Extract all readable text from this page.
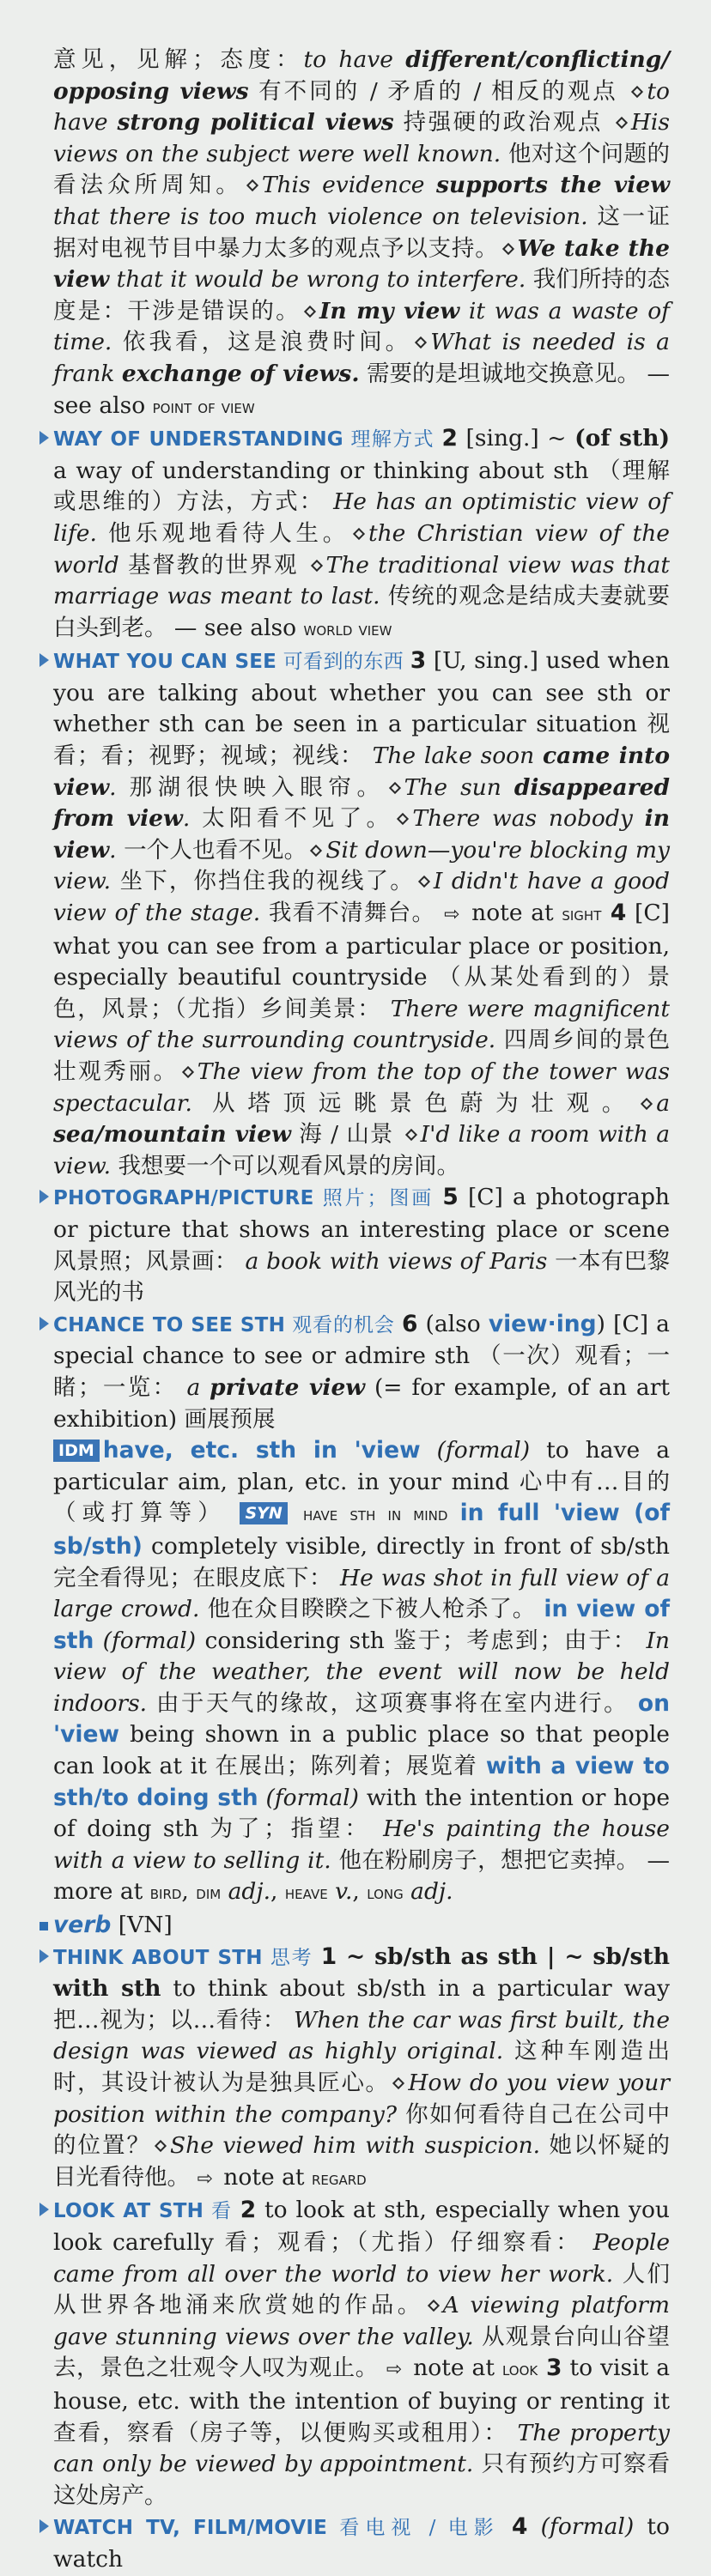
意见，见解；态度：to have different/conflicting/ opposing views 有不同的 / 矛盾的 / 相反的观点 to have strong political views 持强硬的政治观点 His views on the subject were well known. 他对这个问题的看法众所周知。 This evidence supports the view that there is too much violence on television. 这一证据对电视节目中暴力太多的观点予以支持。 We take the view that it would be wrong to interfere. 我们所持的态度是：干涉是错误的。 In my view it was a waste of time. 依我看，这是浪费时间。 What is needed is a frank exchange of views. 需要的是坦诚地交换意见。 — see also point of view

WAY OF UNDERSTANDING 理解方式 2 [sing.] ~ (of sth) a way of understanding or thinking about sth （理解或思维的）方法，方式： He has an optimistic view of life. 他乐观地看待人生。 the Christian view of the world 基督教的世界观 The traditional view was that marriage was meant to last. 传统的观念是结成夫妻就要白头到老。 — see also world view

WHAT YOU CAN SEE 可看到的东西 3 [U, sing.] used when you are talking about whether you can see sth or whether sth can be seen in a particular situation 视看；看；视野；视域；视线： The lake soon came into view. 那湖很快映入眼帘。 The sun disappeared from view. 太阳看不见了。 There was nobody in view. 一个人也看不见。 Sit down—you're blocking my view. 坐下，你挡住我的视线了。 I didn't have a good view of the stage. 我看不清舞台。 ⇨ note at sight 4 [C] what you can see from a particular place or position, especially beautiful countryside （从某处看到的）景色，风景；（尤指）乡间美景： There were magnificent views of the surrounding countryside. 四周乡间的景色壮观秀丽。 The view from the top of the tower was spectacular. 从塔顶远眺景色蔚为壮观。 a sea/mountain view 海 / 山景 I'd like a room with a view. 我想要一个可以观看风景的房间。

PHOTOGRAPH/PICTURE 照片；图画 5 [C] a photograph or picture that shows an interesting place or scene 风景照；风景画： a book with views of Paris 一本有巴黎风光的书

CHANCE TO SEE STH 观看的机会 6 (also view·ing) [C] a special chance to see or admire sth （一次）观看；一睹；一览： a private view (= for example, of an art exhibition) 画展预展

IDM have, etc. sth in 'view (formal) to have a particular aim, plan, etc. in your mind 心中有…目的（或打算等） SYN have sth in mind in full 'view (of sb/sth) completely visible, directly in front of sb/sth 完全看得见；在眼皮底下： He was shot in full view of a large crowd. 他在众目睽睽之下被人枪杀了。 in view of sth (formal) considering sth 鉴于；考虑到；由于： In view of the weather, the event will now be held indoors. 由于天气的缘故，这项赛事将在室内进行。 on 'view being shown in a public place so that people can look at it 在展出；陈列着；展览着 with a view to sth/to doing sth (formal) with the intention or hope of doing sth 为了；指望： He's painting the house with a view to selling it. 他在粉刷房子，想把它卖掉。 — more at bird, dim adj., heave v., long adj.

verb [VN]

THINK ABOUT STH 思考 1 ~ sb/sth as sth | ~ sb/sth with sth to think about sb/sth in a particular way 把…视为；以…看待： When the car was first built, the design was viewed as highly original. 这种车刚造出时，其设计被认为是独具匠心。 How do you view your position within the company? 你如何看待自己在公司中的位置？ She viewed him with suspicion. 她以怀疑的目光看待他。 ⇨ note at regard

LOOK AT STH 看 2 to look at sth, especially when you look carefully 看；观看；（尤指）仔细察看： People came from all over the world to view her work. 人们从世界各地涌来欣赏她的作品。 A viewing platform gave stunning views over the valley. 从观景台向山谷望去，景色之壮观令人叹为观止。 ⇨ note at look 3 to visit a house, etc. with the intention of buying or renting it 查看，察看（房子等，以便购买或租用）： The property can only be viewed by appointment. 只有预约方可察看这处房产。

WATCH TV, FILM/MOVIE 看电视 / 电影 4 (formal) to watch
